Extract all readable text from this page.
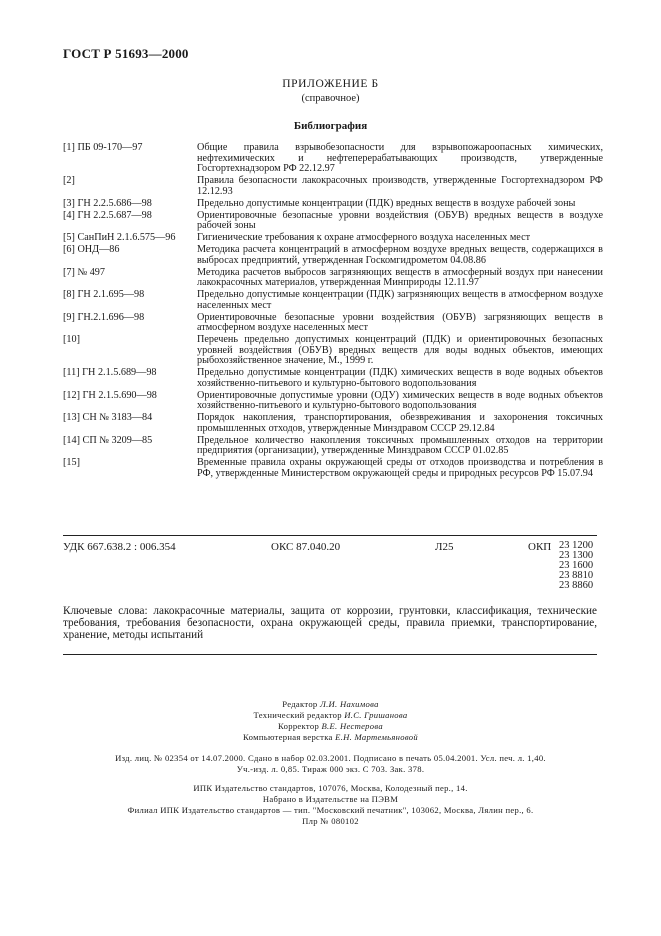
ГОСТ Р 51693—2000
ПРИЛОЖЕНИЕ Б
(справочное)
Библиография
[1] ПБ 09-170—97	Общие правила взрывобезопасности для взрывопожароопасных химических, нефтехимических и нефтеперерабатывающих производств, утвержденные Госгортехнадзором РФ 22.12.97
[2]	Правила безопасности лакокрасочных производств, утвержденные Госгортехнадзором РФ 12.12.93
[3] ГН 2.2.5.686—98	Предельно допустимые концентрации (ПДК) вредных веществ в воздухе рабочей зоны
[4] ГН 2.2.5.687—98	Ориентировочные безопасные уровни воздействия (ОБУВ) вредных веществ в воздухе рабочей зоны
[5] СанПиН 2.1.6.575—96	Гигиенические требования к охране атмосферного воздуха населенных мест
[6] ОНД—86	Методика расчета концентраций в атмосферном воздухе вредных веществ, содержащихся в выбросах предприятий, утвержденная Госкомгидрометом 04.08.86
[7] № 497	Методика расчетов выбросов загрязняющих веществ в атмосферный воздух при нанесении лакокрасочных материалов, утвержденная Минприроды 12.11.97
[8] ГН 2.1.695—98	Предельно допустимые концентрации (ПДК) загрязняющих веществ в атмосферном воздухе населенных мест
[9] ГН.2.1.696—98	Ориентировочные безопасные уровни воздействия (ОБУВ) загрязняющих веществ в атмосферном воздухе населенных мест
[10]	Перечень предельно допустимых концентраций (ПДК) и ориентировочных безопасных уровней воздействия (ОБУВ) вредных веществ для воды водных объектов, имеющих рыбохозяйственное значение, М., 1999 г.
[11] ГН 2.1.5.689—98	Предельно допустимые концентрации (ПДК) химических веществ в воде водных объектов хозяйственно-питьевого и культурно-бытового водопользования
[12] ГН 2.1.5.690—98	Ориентировочные допустимые уровни (ОДУ) химических веществ в воде водных объектов хозяйственно-питьевого и культурно-бытового водопользования
[13] СН № 3183—84	Порядок накопления, транспортирования, обезвреживания и захоронения токсичных промышленных отходов, утвержденные Минздравом СССР 29.12.84
[14] СП № 3209—85	Предельное количество накопления токсичных промышленных отходов на территории предприятия (организации), утвержденные Минздравом СССР 01.02.85
[15]	Временные правила охраны окружающей среды от отходов производства и потребления в РФ, утвержденные Министерством окружающей среды и природных ресурсов РФ 15.07.94
УДК 667.638.2 : 006.354	ОКС 87.040.20	Л25	ОКП 23 1200
23 1300
23 1600
23 8810
23 8860
Ключевые слова: лакокрасочные материалы, защита от коррозии, грунтовки, классификация, технические требования, требования безопасности, охрана окружающей среды, правила приемки, транспортирование, хранение, методы испытаний
Редактор Л.И. Нахимова
Технический редактор И.С. Гришанова
Корректор В.Е. Нестерова
Компьютерная верстка Е.Н. Мартемьяновой
Изд. лиц. № 02354 от 14.07.2000. Сдано в набор 02.03.2001. Подписано в печать 05.04.2001. Усл. печ. л. 1,40.
Уч.-изд. л. 0,85. Тираж 000 экз. С 703. Зак. 378.
ИПК Издательство стандартов, 107076, Москва, Колодезный пер., 14.
Набрано в Издательстве на ПЭВМ
Филиал ИПК Издательство стандартов — тип. "Московский печатник", 103062, Москва, Лялин пер., 6.
Плр № 080102
